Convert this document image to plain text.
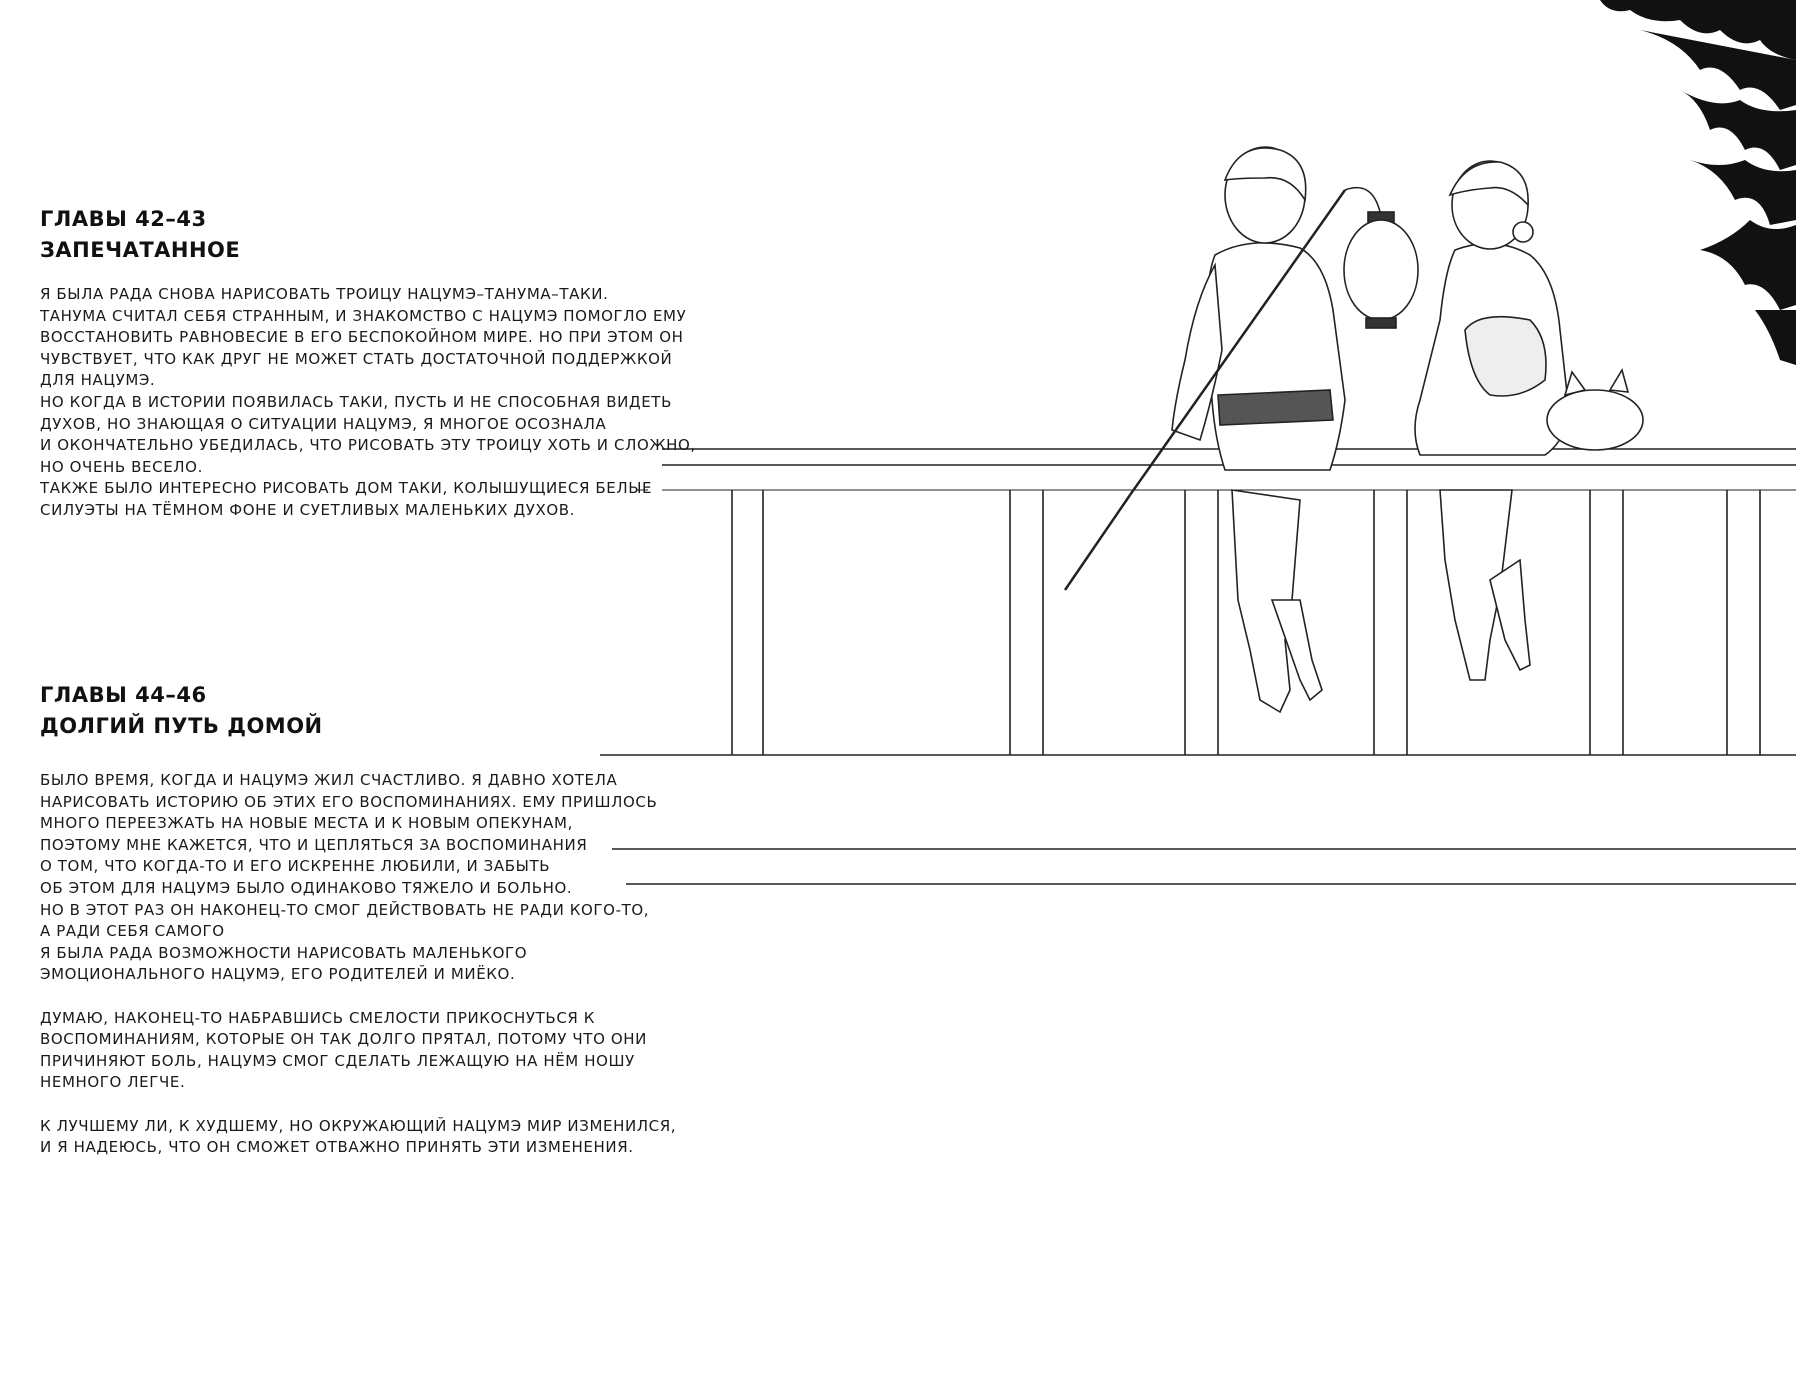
ГЛАВЫ 42–43
ЗАПЕЧАТАННОЕ
Я БЫЛА РАДА СНОВА НАРИСОВАТЬ ТРОИЦУ НАЦУМЭ–ТАНУМА–ТАКИ.
ТАНУМА СЧИТАЛ СЕБЯ СТРАННЫМ, И ЗНАКОМСТВО С НАЦУМЭ ПОМОГЛО ЕМУ
ВОССТАНОВИТЬ РАВНОВЕСИЕ В ЕГО БЕСПОКОЙНОМ МИРЕ. НО ПРИ ЭТОМ ОН
ЧУВСТВУЕТ, ЧТО КАК ДРУГ НЕ МОЖЕТ СТАТЬ ДОСТАТОЧНОЙ ПОДДЕРЖКОЙ
ДЛЯ НАЦУМЭ.
НО КОГДА В ИСТОРИИ ПОЯВИЛАСЬ ТАКИ, ПУСТЬ И НЕ СПОСОБНАЯ ВИДЕТЬ
ДУХОВ, НО ЗНАЮЩАЯ О СИТУАЦИИ НАЦУМЭ, Я МНОГОЕ ОСОЗНАЛА
И ОКОНЧАТЕЛЬНО УБЕДИЛАСЬ, ЧТО РИСОВАТЬ ЭТУ ТРОИЦУ ХОТЬ И СЛОЖНО,
НО ОЧЕНЬ ВЕСЕЛО.
ТАКЖЕ БЫЛО ИНТЕРЕСНО РИСОВАТЬ ДОМ ТАКИ, КОЛЫШУЩИЕСЯ БЕЛЫЕ
СИЛУЭТЫ НА ТЁМНОМ ФОНЕ И СУЕТЛИВЫХ МАЛЕНЬКИХ ДУХОВ.
ГЛАВЫ 44–46
ДОЛГИЙ ПУТЬ ДОМОЙ
БЫЛО ВРЕМЯ, КОГДА И НАЦУМЭ ЖИЛ СЧАСТЛИВО. Я ДАВНО ХОТЕЛА
НАРИСОВАТЬ ИСТОРИЮ ОБ ЭТИХ ЕГО ВОСПОМИНАНИЯХ. ЕМУ ПРИШЛОСЬ
МНОГО ПЕРЕЕЗЖАТЬ НА НОВЫЕ МЕСТА И К НОВЫМ ОПЕКУНАМ,
ПОЭТОМУ МНЕ КАЖЕТСЯ, ЧТО И ЦЕПЛЯТЬСЯ ЗА ВОСПОМИНАНИЯ
О ТОМ, ЧТО КОГДА-ТО И ЕГО ИСКРЕННЕ ЛЮБИЛИ, И ЗАБЫТЬ
ОБ ЭТОМ ДЛЯ НАЦУМЭ БЫЛО ОДИНАКОВО ТЯЖЕЛО И БОЛЬНО.
НО В ЭТОТ РАЗ ОН НАКОНЕЦ-ТО СМОГ ДЕЙСТВОВАТЬ НЕ РАДИ КОГО-ТО,
А РАДИ СЕБЯ САМОГО
Я БЫЛА РАДА ВОЗМОЖНОСТИ НАРИСОВАТЬ МАЛЕНЬКОГО
ЭМОЦИОНАЛЬНОГО НАЦУМЭ, ЕГО РОДИТЕЛЕЙ И МИЁКО.
ДУМАЮ, НАКОНЕЦ-ТО НАБРАВШИСЬ СМЕЛОСТИ ПРИКОСНУТЬСЯ К
ВОСПОМИНАНИЯМ, КОТОРЫЕ ОН ТАК ДОЛГО ПРЯТАЛ, ПОТОМУ ЧТО ОНИ
ПРИЧИНЯЮТ БОЛЬ, НАЦУМЭ СМОГ СДЕЛАТЬ ЛЕЖАЩУЮ НА НЁМ НОШУ
НЕМНОГО ЛЕГЧЕ.
К ЛУЧШЕМУ ЛИ, К ХУДШЕМУ, НО ОКРУЖАЮЩИЙ НАЦУМЭ МИР ИЗМЕНИЛСЯ,
И Я НАДЕЮСЬ, ЧТО ОН СМОЖЕТ ОТВАЖНО ПРИНЯТЬ ЭТИ ИЗМЕНЕНИЯ.
